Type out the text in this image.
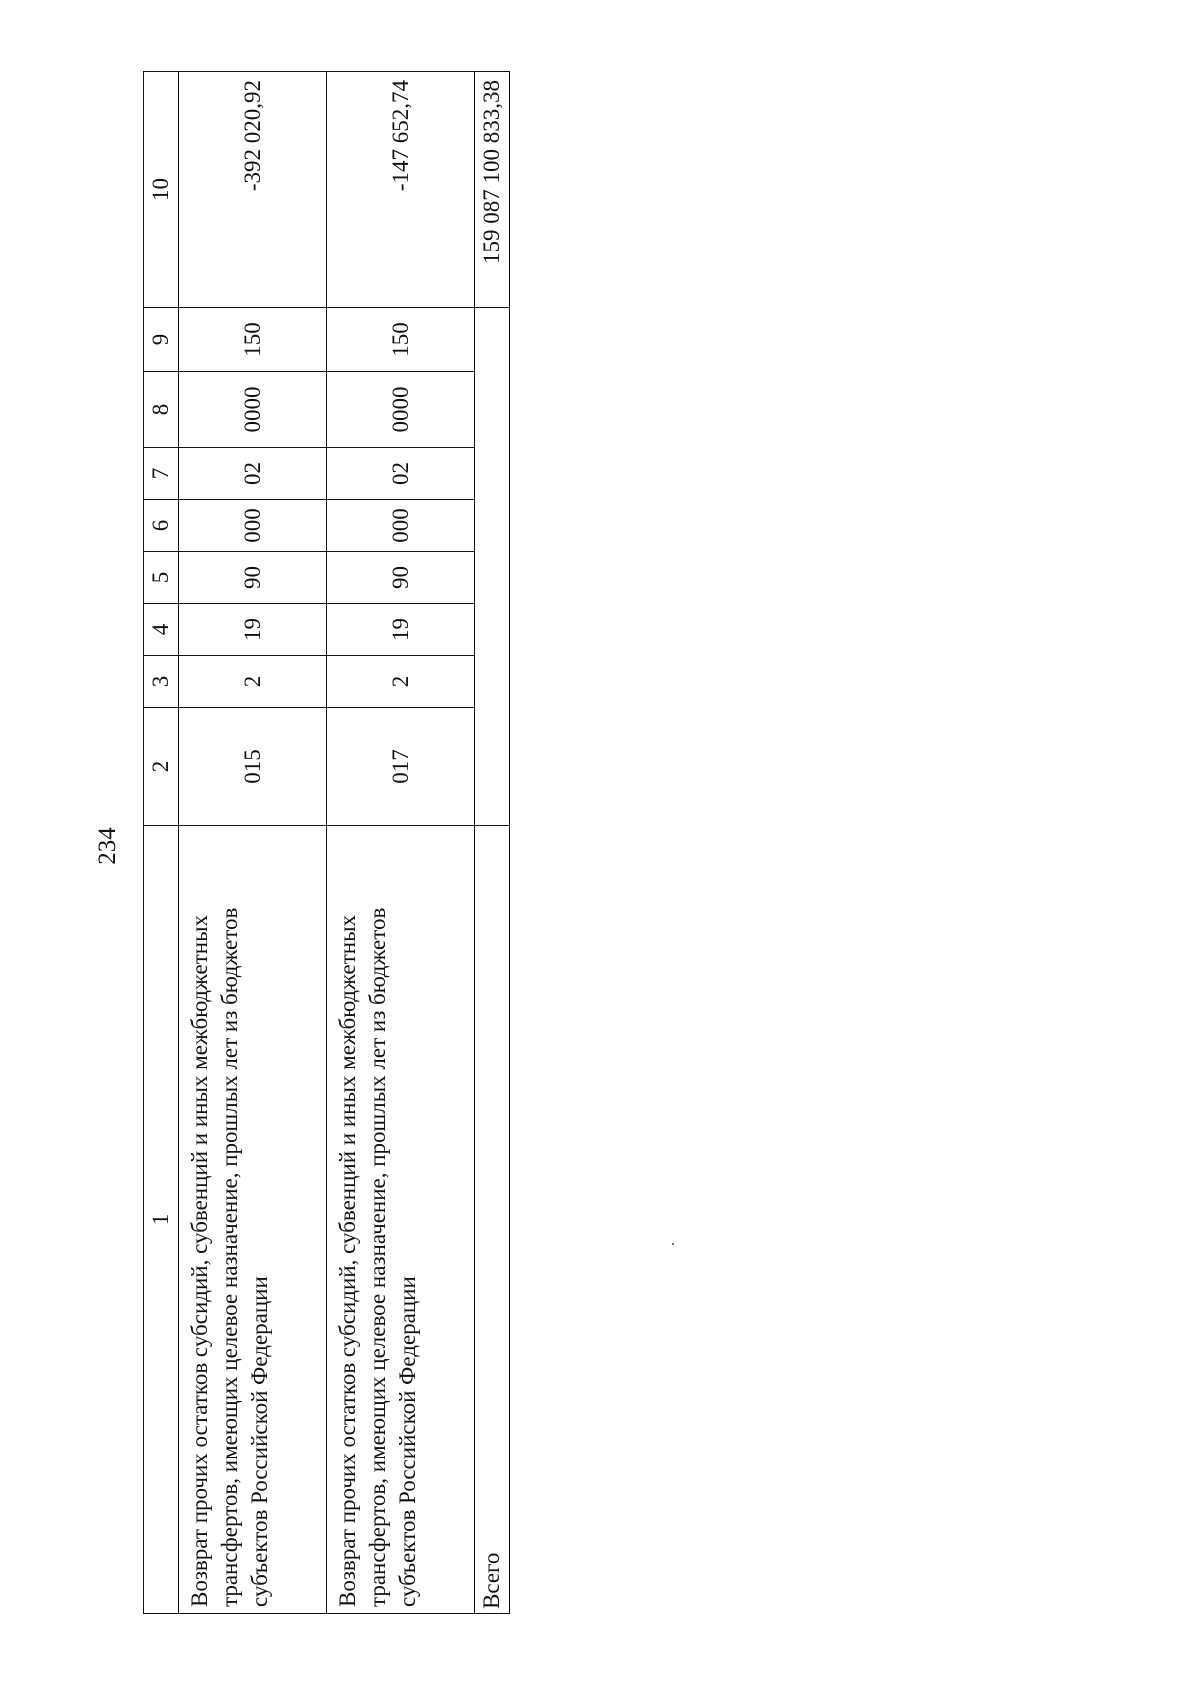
234
1	2	3	4	5	6	7	8	9	10
Возврат прочих остатков субсидий, субвенций и иных межбюджетных трансфертов, имеющих целевое назначение, прошлых лет из бюджетов субъектов Российской Федерации	015	2	19	90	000	02	0000	150	-392 020,92
Возврат прочих остатков субсидий, субвенций и иных межбюджетных трансфертов, имеющих целевое назначение, прошлых лет из бюджетов субъектов Российской Федерации	017	2	19	90	000	02	0000	150	-147 652,74
Всего									159 087 100 833,38
